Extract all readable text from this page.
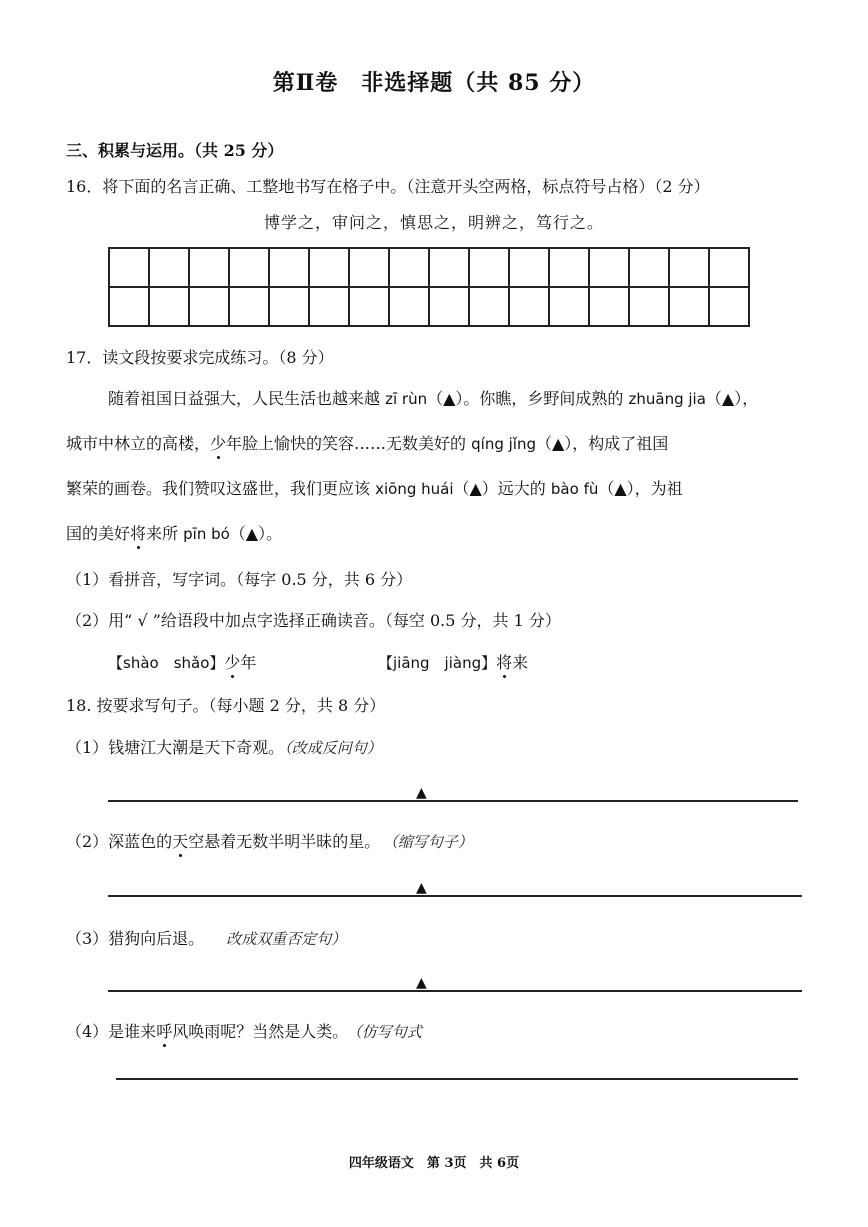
第Ⅱ卷　非选择题（共 85 分）
三、积累与运用。（共 25 分）
16．将下面的名言正确、工整地书写在格子中。（注意开头空两格，标点符号占格）（2 分）
博学之，审问之，慎思之，明辨之，笃行之。
17．读文段按要求完成练习。（8 分）
随着祖国日益强大，人民生活也越来越 zī rùn（▲）。你瞧，乡野间成熟的 zhuāng jia（▲），
城市中林立的高楼，少年脸上愉快的笑容……无数美好的 qíng jǐng（▲），构成了祖国
繁荣的画卷。我们赞叹这盛世，我们更应该 xiōng huái（▲）远大的 bào fù（▲），为祖
国的美好将来所 pīn bó（▲）。
（1）看拼音，写字词。（每字 0.5 分，共 6 分）
（2）用“ √ ”给语段中加点字选择正确读音。（每空 0.5 分，共 1 分）
【shào　shǎo】少年	【jiāng　jiàng】将来
18. 按要求写句子。（每小题 2 分，共 8 分）
（1）钱塘江大潮是天下奇观。（改成反问句）
▲
（2）深蓝色的天空悬着无数半明半昧的星。 （缩写句子）
▲
（3）猎狗向后退。 改成双重否定句）
▲
（4）是谁来呼风唤雨呢？当然是人类。 （仿写句式
四年级语文　第 3页　共 6页
